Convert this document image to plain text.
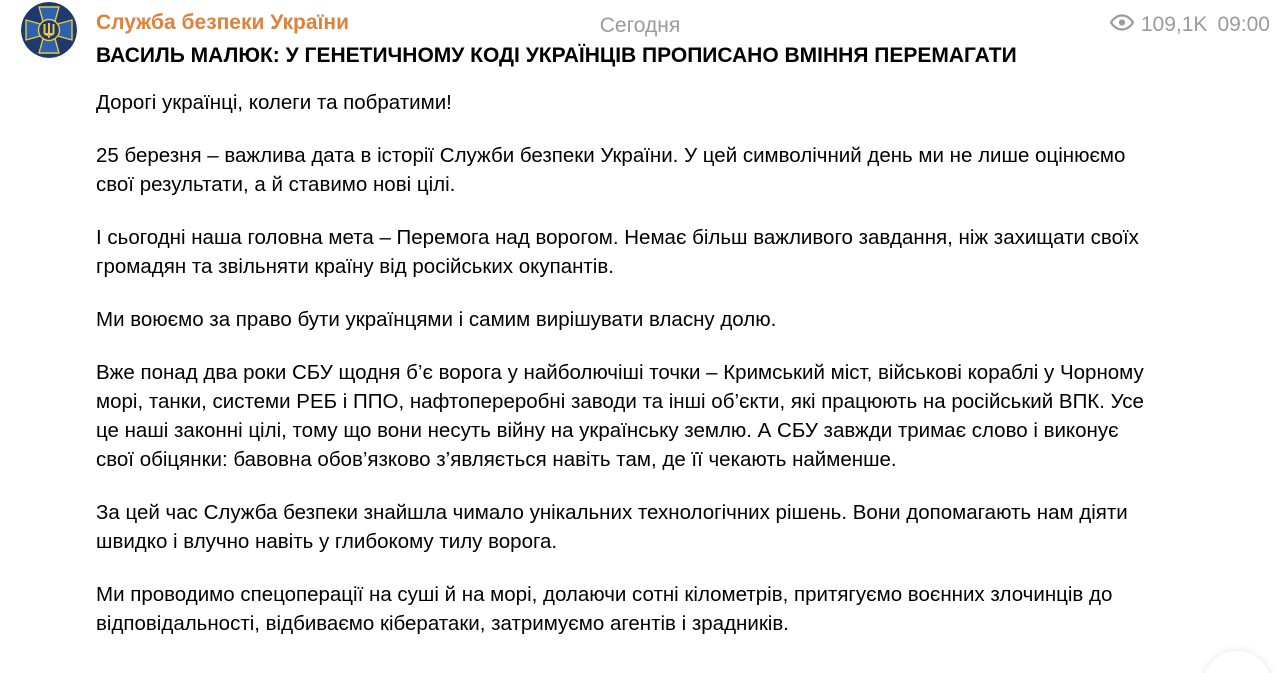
Служба безпеки України	Сегодня	109,1K 09:00
ВАСИЛЬ МАЛЮК: У ГЕНЕТИЧНОМУ КОДІ УКРАЇНЦІВ ПРОПИСАНО ВМІННЯ ПЕРЕМАГАТИ

Дорогі українці, колеги та побратими!

25 березня – важлива дата в історії Служби безпеки України. У цей символічний день ми не лише оцінюємо свої результати, а й ставимо нові цілі.

І сьогодні наша головна мета – Перемога над ворогом. Немає більш важливого завдання, ніж захищати своїх громадян та звільняти країну від російських окупантів.

Ми воюємо за право бути українцями і самим вирішувати власну долю.

Вже понад два роки СБУ щодня б’є ворога у найболючіші точки – Кримський міст, військові кораблі у Чорному морі, танки, системи РЕБ і ППО, нафтопереробні заводи та інші об’єкти, які працюють на російський ВПК. Усе це наші законні цілі, тому що вони несуть війну на українську землю. А СБУ завжди тримає слово і виконує свої обіцянки: бавовна обов’язково з’являється навіть там, де її чекають найменше.

За цей час Служба безпеки знайшла чимало унікальних технологічних рішень. Вони допомагають нам діяти швидко і влучно навіть у глибокому тилу ворога.

Ми проводимо спецоперації на суші й на морі, долаючи сотні кілометрів, притягуємо воєнних злочинців до відповідальності, відбиваємо кібератаки, затримуємо агентів і зрадників.
